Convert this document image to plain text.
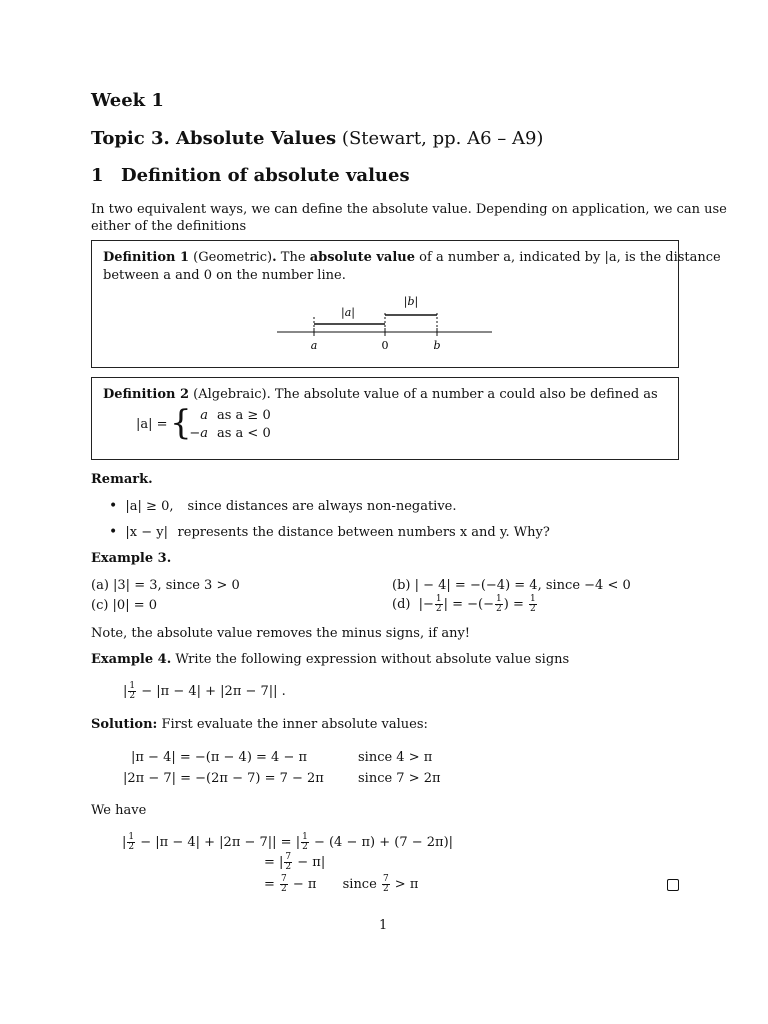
Week 1
Topic 3. Absolute Values (Stewart, pp. A6 – A9)
1 Definition of absolute values
In two equivalent ways, we can define the absolute value. Depending on application, we can use
either of the definitions
Definition 1 (Geometric). The absolute value of a number a, indicated by |a, is the distance
between a and 0 on the number line.
|a|
|b|
a	0	b
Definition 2 (Algebraic). The absolute value of a number a could also be defined as
|a| = { a as a ≥ 0
−a as a < 0
Remark.
• |a| ≥ 0, since distances are always non-negative.
• |x − y| represents the distance between numbers x and y. Why?
Example 3.
(a) |3| = 3, since 3 > 0	(b) | − 4| = −(−4) = 4, since −4 < 0
(c) |0| = 0	(d) |− $\frac{1}{2}$ | = −(− $\frac{1}{2}$ ) = $\frac{1}{2}$
Note, the absolute value removes the minus signs, if any!
Example 4. Write the following expression without absolute value signs
| $\frac{1}{2} - |\pi - 4| + |2\pi - 7||$ .
Solution: First evaluate the inner absolute values:
|π − 4| = −(π − 4) = 4 − π	since 4 > π
|2π − 7| = −(2π − 7) = 7 − 2π	since 7 > 2π
We have
| $\frac{1}{2} - |\pi - 4| + |2\pi - 7||$ = | $\frac{1}{2} - (4 - \pi) + (7 - 2\pi)|$
= | $\frac{7}{2} - \pi|$
= $\frac{7}{2} - \pi$ since $\frac{7}{2} > \pi$
1
